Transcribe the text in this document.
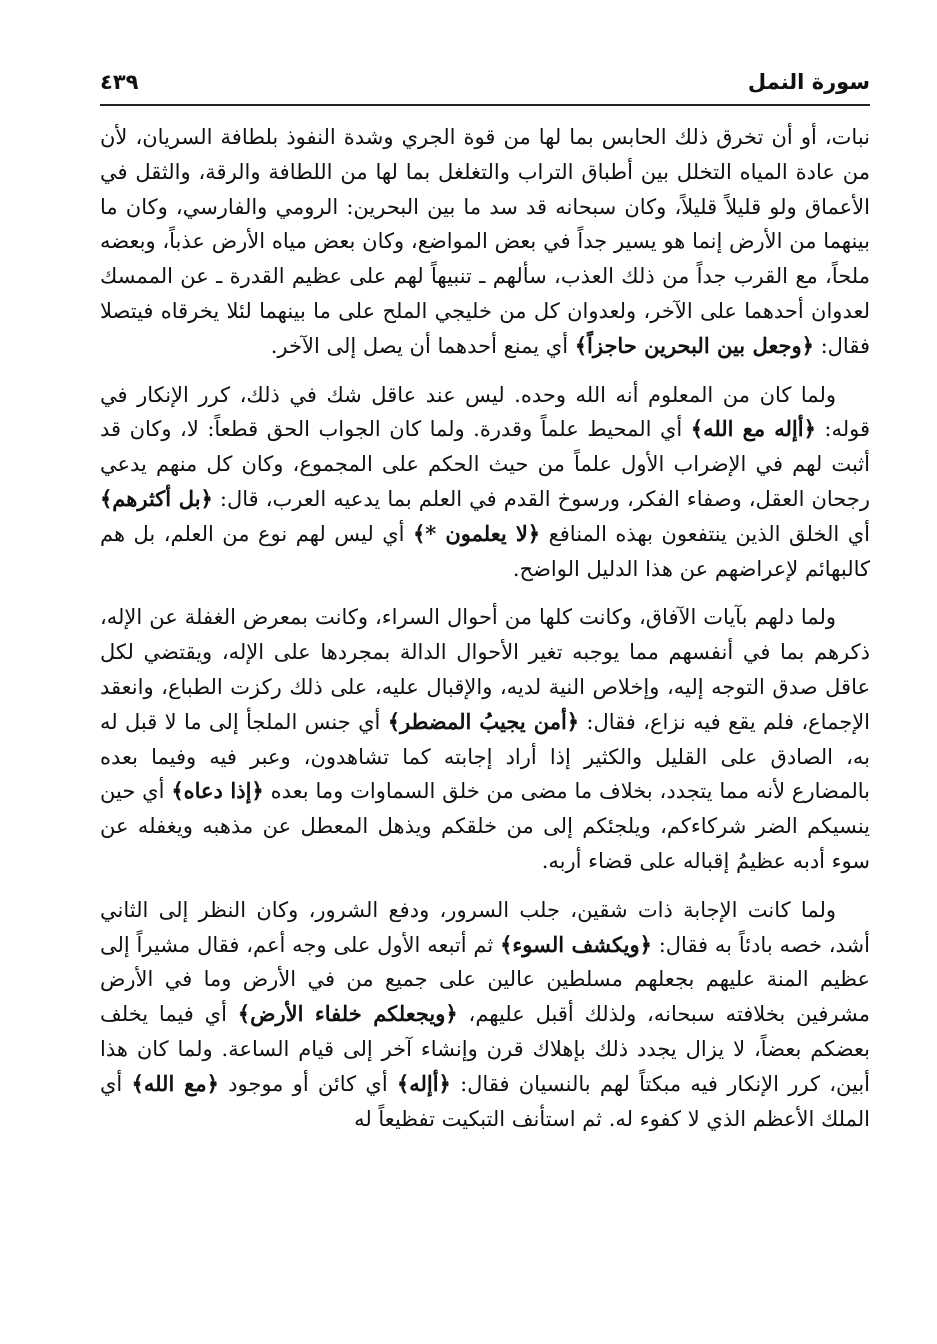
سورة النمل
٤٣٩

نبات، أو أن تخرق ذلك الحابس بما لها من قوة الجري وشدة النفوذ بلطافة السريان، لأن من عادة المياه التخلل بين أطباق التراب والتغلغل بما لها من اللطافة والرقة، والثقل في الأعماق ولو قليلاً قليلاً، وكان سبحانه قد سد ما بين البحرين: الرومي والفارسي، وكان ما بينهما من الأرض إنما هو يسير جداً في بعض المواضع، وكان بعض مياه الأرض عذباً، وبعضه ملحاً، مع القرب جداً من ذلك العذب، سألهم ـ تنبيهاً لهم على عظيم القدرة ـ عن الممسك لعدوان أحدهما على الآخر، ولعدوان كل من خليجي الملح على ما بينهما لئلا يخرقاه فيتصلا فقال: ﴿وجعل بين البحرين حاجزاً﴾ أي يمنع أحدهما أن يصل إلى الآخر.

ولما كان من المعلوم أنه الله وحده. ليس عند عاقل شك في ذلك، كرر الإنكار في قوله: ﴿أإله مع الله﴾ أي المحيط علماً وقدرة. ولما كان الجواب الحق قطعاً: لا، وكان قد أثبت لهم في الإضراب الأول علماً من حيث الحكم على المجموع، وكان كل منهم يدعي رجحان العقل، وصفاء الفكر، ورسوخ القدم في العلم بما يدعيه العرب، قال: ﴿بل أكثرهم﴾ أي الخلق الذين ينتفعون بهذه المنافع ﴿لا يعلمون *﴾ أي ليس لهم نوع من العلم، بل هم كالبهائم لإعراضهم عن هذا الدليل الواضح.

ولما دلهم بآيات الآفاق، وكانت كلها من أحوال السراء، وكانت بمعرض الغفلة عن الإله، ذكرهم بما في أنفسهم مما يوجبه تغير الأحوال الدالة بمجردها على الإله، ويقتضي لكل عاقل صدق التوجه إليه، وإخلاص النية لديه، والإقبال عليه، على ذلك ركزت الطباع، وانعقد الإجماع، فلم يقع فيه نزاع، فقال: ﴿أمن يجيبُ المضطر﴾ أي جنس الملجأ إلى ما لا قبل له به، الصادق على القليل والكثير إذا أراد إجابته كما تشاهدون، وعبر فيه وفيما بعده بالمضارع لأنه مما يتجدد، بخلاف ما مضى من خلق السماوات وما بعده ﴿إذا دعاه﴾ أي حين ينسيكم الضر شركاءكم، ويلجئكم إلى من خلقكم ويذهل المعطل عن مذهبه ويغفله عن سوء أدبه عظيمُ إقباله على قضاء أربه.

ولما كانت الإجابة ذات شقين، جلب السرور، ودفع الشرور، وكان النظر إلى الثاني أشد، خصه بادئاً به فقال: ﴿ويكشف السوء﴾ ثم أتبعه الأول على وجه أعم، فقال مشيراً إلى عظيم المنة عليهم بجعلهم مسلطين عالين على جميع من في الأرض وما في الأرض مشرفين بخلافته سبحانه، ولذلك أقبل عليهم، ﴿ويجعلكم خلفاء الأرض﴾ أي فيما يخلف بعضكم بعضاً، لا يزال يجدد ذلك بإهلاك قرن وإنشاء آخر إلى قيام الساعة. ولما كان هذا أبين، كرر الإنكار فيه مبكتاً لهم بالنسيان فقال: ﴿أإله﴾ أي كائن أو موجود ﴿مع الله﴾ أي الملك الأعظم الذي لا كفوء له. ثم استأنف التبكيت تفظيعاً له
